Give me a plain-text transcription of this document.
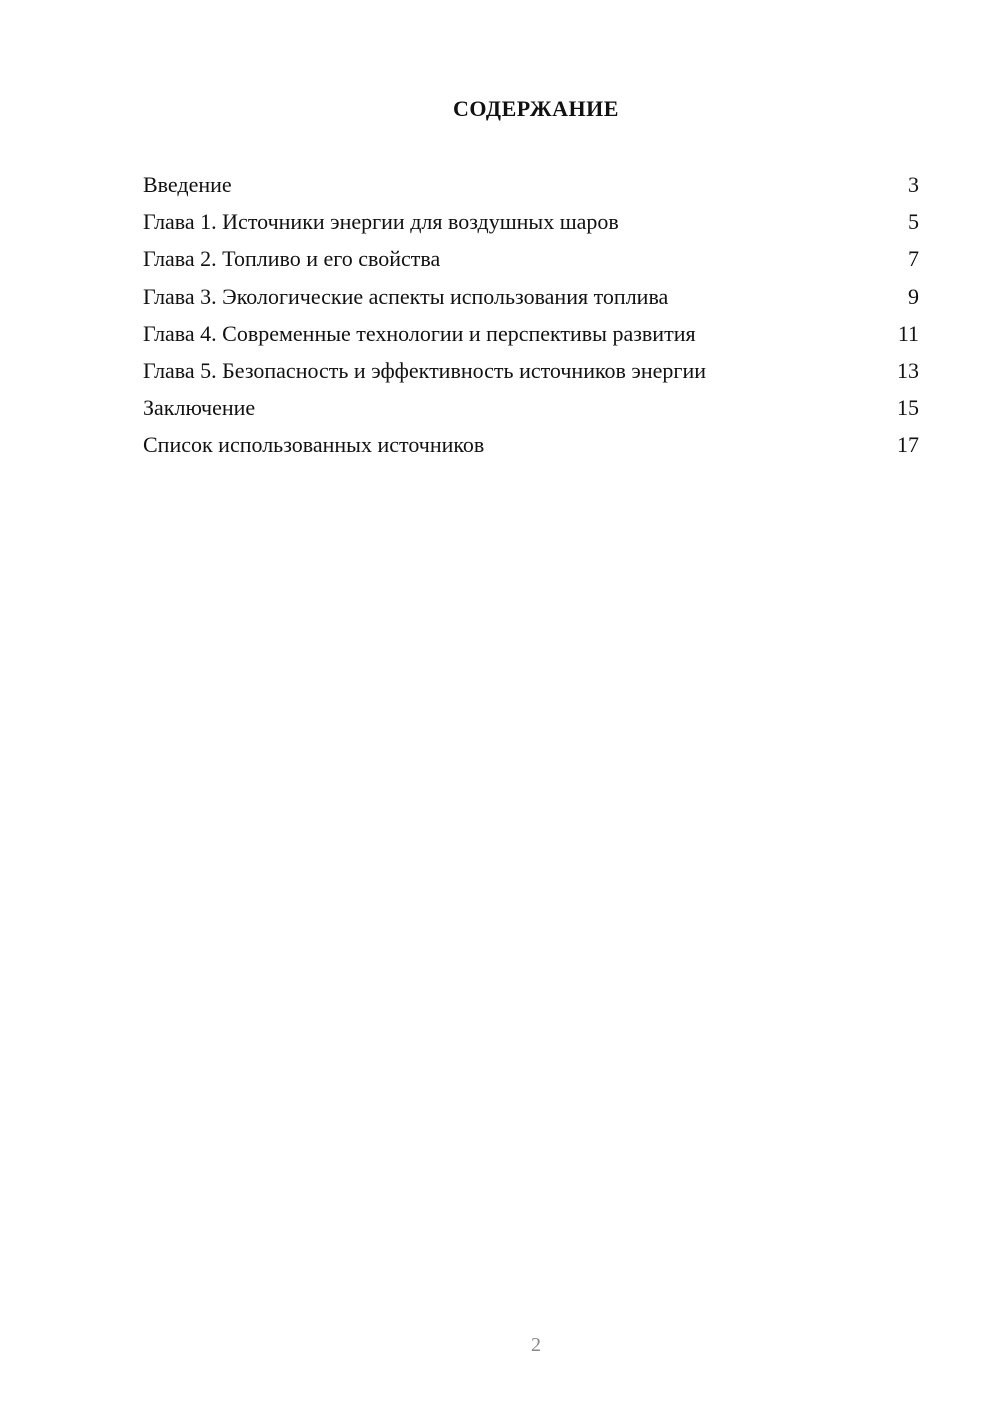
СОДЕРЖАНИЕ
Введение	3
Глава 1. Источники энергии для воздушных шаров	5
Глава 2. Топливо и его свойства	7
Глава 3. Экологические аспекты использования топлива	9
Глава 4. Современные технологии и перспективы развития	11
Глава 5. Безопасность и эффективность источников энергии	13
Заключение	15
Список использованных источников	17
2
